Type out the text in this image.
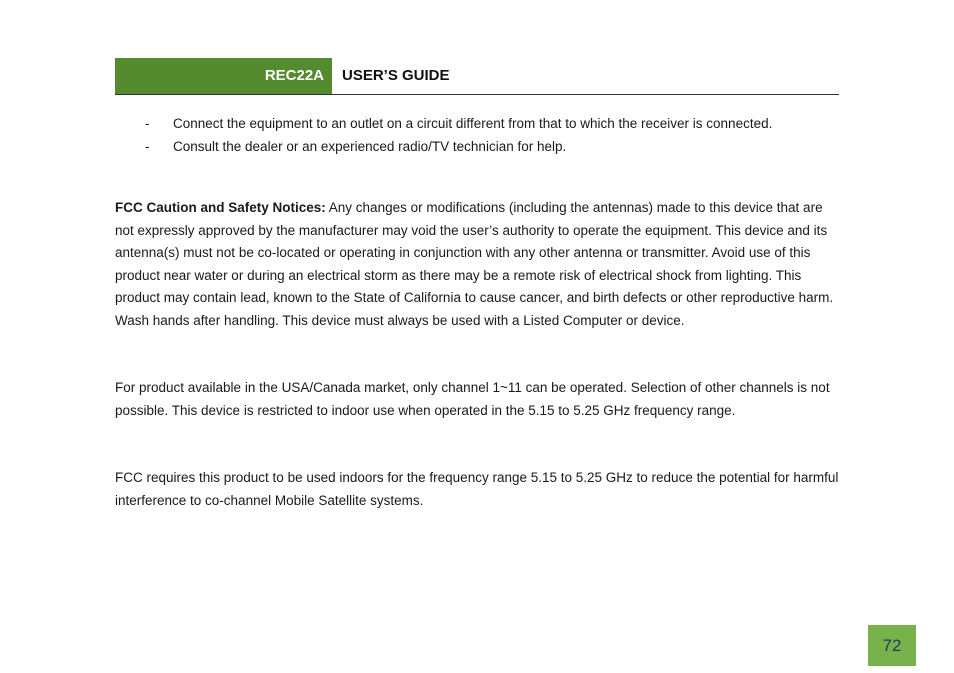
REC22A	USER’S GUIDE
- Connect the equipment to an outlet on a circuit different from that to which the receiver is connected.
- Consult the dealer or an experienced radio/TV technician for help.

FCC Caution and Safety Notices: Any changes or modifications (including the antennas) made to this device that are not expressly approved by the manufacturer may void the user’s authority to operate the equipment. This device and its antenna(s) must not be co-located or operating in conjunction with any other antenna or transmitter. Avoid use of this product near water or during an electrical storm as there may be a remote risk of electrical shock from lighting. This product may contain lead, known to the State of California to cause cancer, and birth defects or other reproductive harm. Wash hands after handling. This device must always be used with a Listed Computer or device.

For product available in the USA/Canada market, only channel 1~11 can be operated. Selection of other channels is not possible. This device is restricted to indoor use when operated in the 5.15 to 5.25 GHz frequency range.

FCC requires this product to be used indoors for the frequency range 5.15 to 5.25 GHz to reduce the potential for harmful interference to co-channel Mobile Satellite systems.

72
